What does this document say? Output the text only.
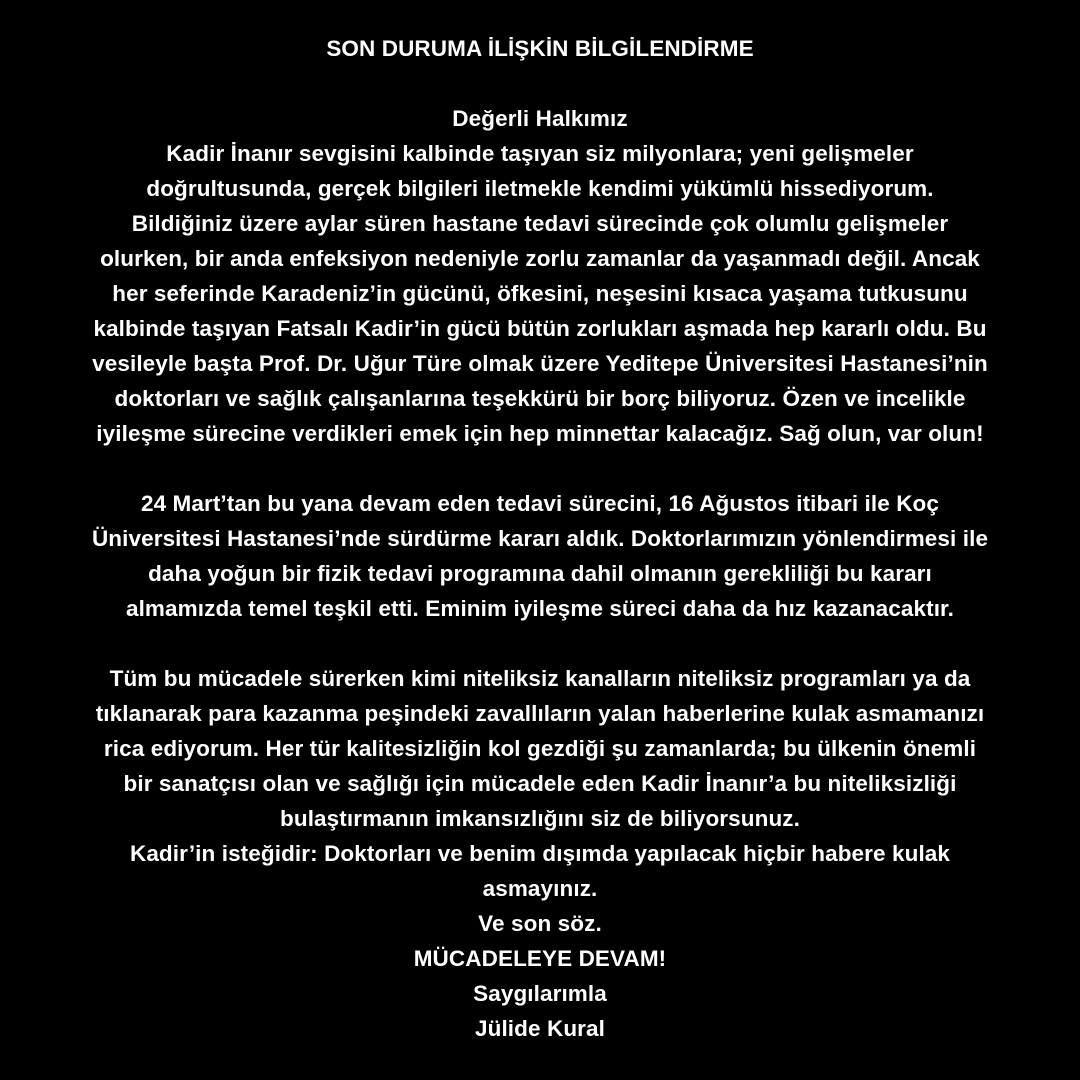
SON DURUMA İLİŞKİN BİLGİLENDİRME
Değerli Halkımız
Kadir İnanır sevgisini kalbinde taşıyan siz milyonlara; yeni gelişmeler
doğrultusunda, gerçek bilgileri iletmekle kendimi yükümlü hissediyorum.
Bildiğiniz üzere aylar süren hastane tedavi sürecinde çok olumlu gelişmeler
olurken, bir anda enfeksiyon nedeniyle zorlu zamanlar da yaşanmadı değil. Ancak
her seferinde Karadeniz’in gücünü, öfkesini, neşesini kısaca yaşama tutkusunu
kalbinde taşıyan Fatsalı Kadir’in gücü bütün zorlukları aşmada hep kararlı oldu. Bu
vesileyle başta Prof. Dr. Uğur Türe olmak üzere Yeditepe Üniversitesi Hastanesi’nin
doktorları ve sağlık çalışanlarına teşekkürü bir borç biliyoruz. Özen ve incelikle
iyileşme sürecine verdikleri emek için hep minnettar kalacağız. Sağ olun, var olun!
24 Mart’tan bu yana devam eden tedavi sürecini, 16 Ağustos itibari ile Koç
Üniversitesi Hastanesi’nde sürdürme kararı aldık. Doktorlarımızın yönlendirmesi ile
daha yoğun bir fizik tedavi programına dahil olmanın gerekliliği bu kararı
almamızda temel teşkil etti. Eminim iyileşme süreci daha da hız kazanacaktır.
Tüm bu mücadele sürerken kimi niteliksiz kanalların niteliksiz programları ya da
tıklanarak para kazanma peşindeki zavallıların yalan haberlerine kulak asmamanızı
rica ediyorum. Her tür kalitesizliğin kol gezdiği şu zamanlarda; bu ülkenin önemli
bir sanatçısı olan ve sağlığı için mücadele eden Kadir İnanır’a bu niteliksizliği
bulaştırmanın imkansızlığını siz de biliyorsunuz.
Kadir’in isteğidir: Doktorları ve benim dışımda yapılacak hiçbir habere kulak
asmayınız.
Ve son söz.
MÜCADELEYE DEVAM!
Saygılarımla
Jülide Kural
